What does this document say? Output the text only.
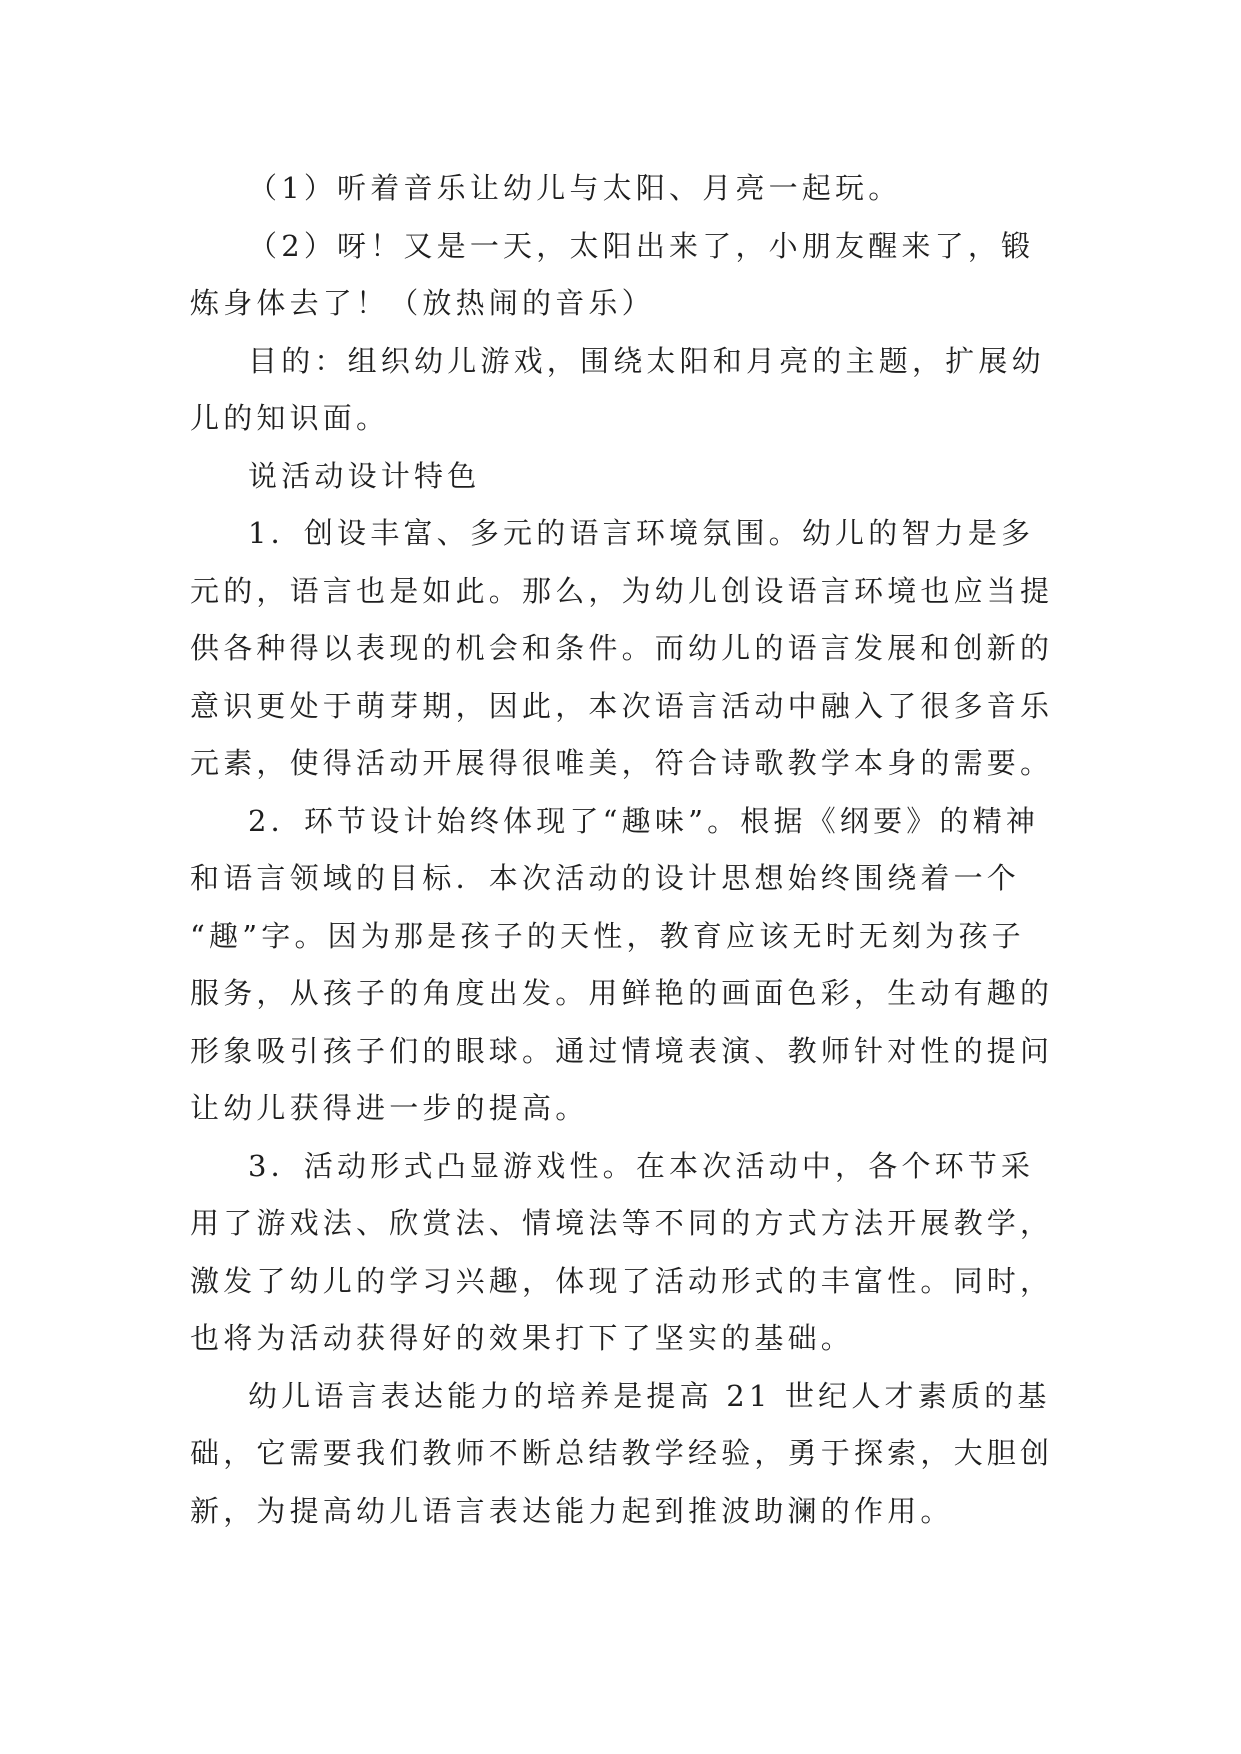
（1）听着音乐让幼儿与太阳、月亮一起玩。

（2）呀！又是一天，太阳出来了，小朋友醒来了，锻
炼身体去了！（放热闹的音乐）

目的：组织幼儿游戏，围绕太阳和月亮的主题，扩展幼
儿的知识面。

说活动设计特色

1．创设丰富、多元的语言环境氛围。幼儿的智力是多
元的，语言也是如此。那么，为幼儿创设语言环境也应当提
供各种得以表现的机会和条件。而幼儿的语言发展和创新的
意识更处于萌芽期，因此，本次语言活动中融入了很多音乐
元素，使得活动开展得很唯美，符合诗歌教学本身的需要。

2．环节设计始终体现了“趣味”。根据《纲要》的精神
和语言领域的目标．本次活动的设计思想始终围绕着一个
“趣”字。因为那是孩子的天性，教育应该无时无刻为孩子
服务，从孩子的角度出发。用鲜艳的画面色彩，生动有趣的
形象吸引孩子们的眼球。通过情境表演、教师针对性的提问
让幼儿获得进一步的提高。

3．活动形式凸显游戏性。在本次活动中，各个环节采
用了游戏法、欣赏法、情境法等不同的方式方法开展教学，
激发了幼儿的学习兴趣，体现了活动形式的丰富性。同时，
也将为活动获得好的效果打下了坚实的基础。

幼儿语言表达能力的培养是提高 21 世纪人才素质的基
础，它需要我们教师不断总结教学经验，勇于探索，大胆创
新，为提高幼儿语言表达能力起到推波助澜的作用。
